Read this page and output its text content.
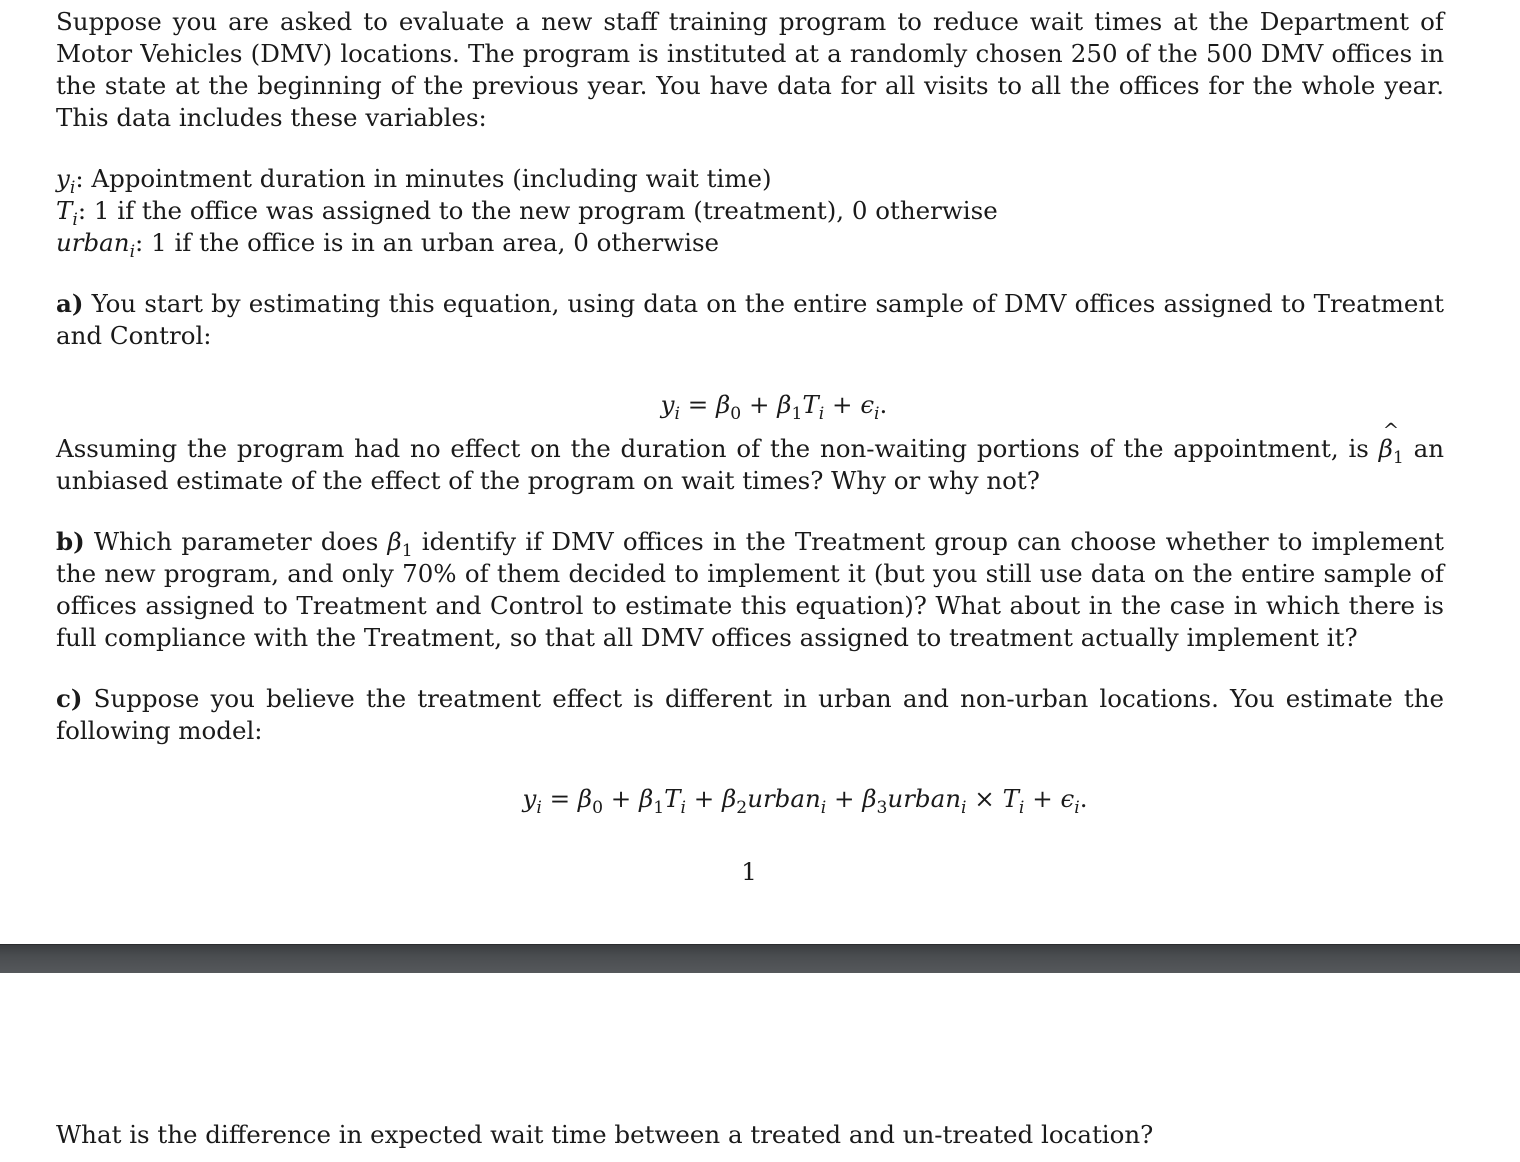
Suppose you are asked to evaluate a new staff training program to reduce wait times at the Department of Motor Vehicles (DMV) locations. The program is instituted at a randomly chosen 250 of the 500 DMV offices in the state at the beginning of the previous year. You have data for all visits to all the offices for the whole year. This data includes these variables:

$y_i$: Appointment duration in minutes (including wait time)
$T_i$: 1 if the office was assigned to the new program (treatment), 0 otherwise
urban$_i$: 1 if the office is in an urban area, 0 otherwise

a) You start by estimating this equation, using data on the entire sample of DMV offices assigned to Treatment and Control:

$y_i = \beta_0 + \beta_1T_i + \epsilon_i$.

Assuming the program had no effect on the duration of the non-waiting portions of the appointment, is β
^
$_1$ an unbiased estimate of the effect of the program on wait times? Why or why not?

b) Which parameter does $\beta_1$ identify if DMV offices in the Treatment group can choose whether to implement the new program, and only 70% of them decided to implement it (but you still use data on the entire sample of offices assigned to Treatment and Control to estimate this equation)? What about in the case in which there is full compliance with the Treatment, so that all DMV offices assigned to treatment actually implement it?

c) Suppose you believe the treatment effect is different in urban and non-urban locations. You estimate the following model:

$y_i = \beta_0 + \beta_1T_i$ + $\beta_2urban_i$ + $\beta_3urban_i \times T_i + \epsilon_i$.
1
What is the difference in expected wait time between a treated and un-treated location?
